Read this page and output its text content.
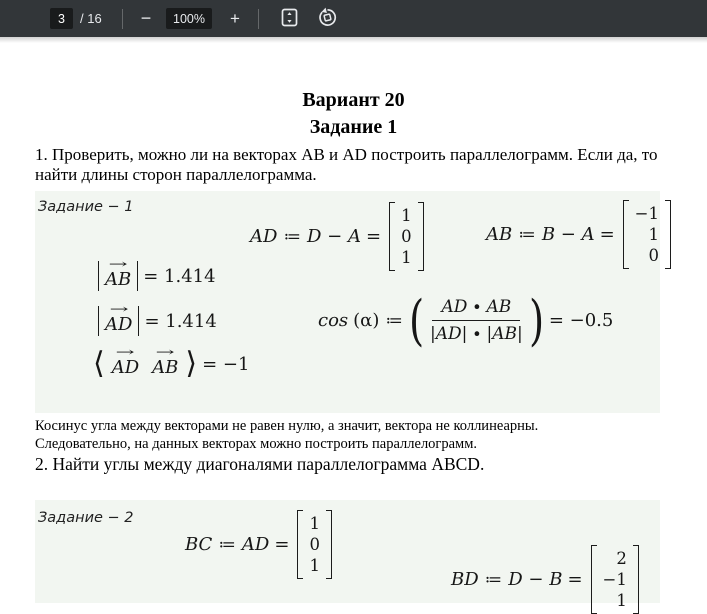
3
/ 16 −	100%	+
Вариант 20
Задание 1
1. Проверить, можно ли на векторах AB и AD построить параллелограмм. Если да, то найти длины сторон параллелограмма.
Задание − 1
AD ≔ D − A =
1
0
1
AB ≔ B − A =
−1
1
0
→
AB = 1.414
→
AD = 1.414	cos (α) ≔ ( $\frac{AD \cdot AB}{|AD| \cdot |AB|}$ ) = −0.5
⟨ →
AD
→
AB ⟩ = −1
Косинус угла между векторами не равен нулю, а значит, вектора не коллинеарны.
Следовательно, на данных векторах можно построить параллелограмм.
2. Найти углы между диагоналями параллелограмма ABCD.
Задание − 2
BC ≔ AD =
1
0
1
BD ≔ D − B =
2
−1
1
